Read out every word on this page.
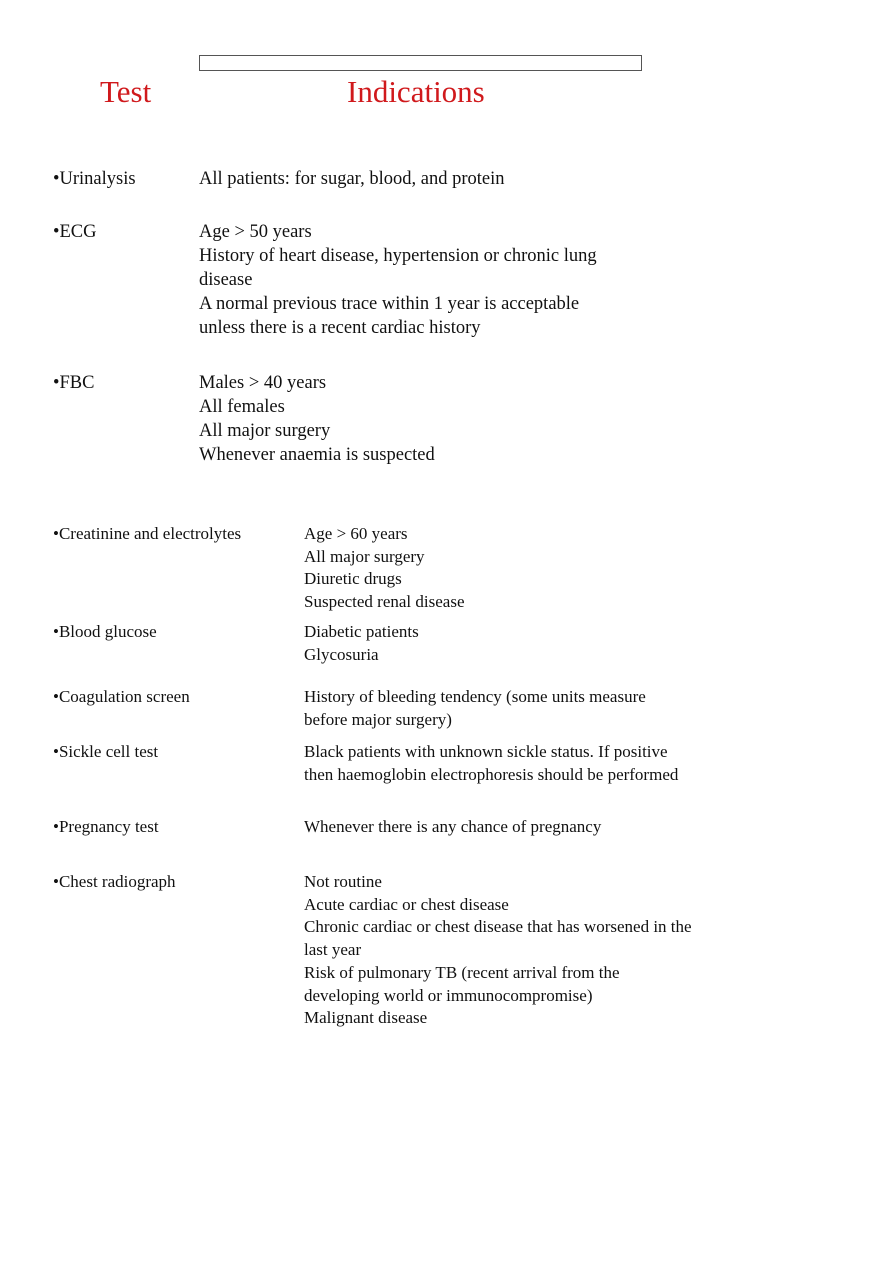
Test	Indications
•Urinalysis	All patients: for sugar, blood, and protein
•ECG	Age > 50 years
History of heart disease, hypertension or chronic lung
disease
A normal previous trace within 1 year is acceptable
unless there is a recent cardiac history
•FBC	Males > 40 years
All females
All major surgery
Whenever anaemia is suspected
•Creatinine and electrolytes	Age > 60 years
All major surgery
Diuretic drugs
Suspected renal disease
•Blood glucose	Diabetic patients
Glycosuria
•Coagulation screen	History of bleeding tendency (some units measure
before major surgery)
•Sickle cell test	Black patients with unknown sickle status. If positive
then haemoglobin electrophoresis should be performed
•Pregnancy test	Whenever there is any chance of pregnancy
•Chest radiograph	Not routine
Acute cardiac or chest disease
Chronic cardiac or chest disease that has worsened in the
last year
Risk of pulmonary TB (recent arrival from the
developing world or immunocompromise)
Malignant disease
